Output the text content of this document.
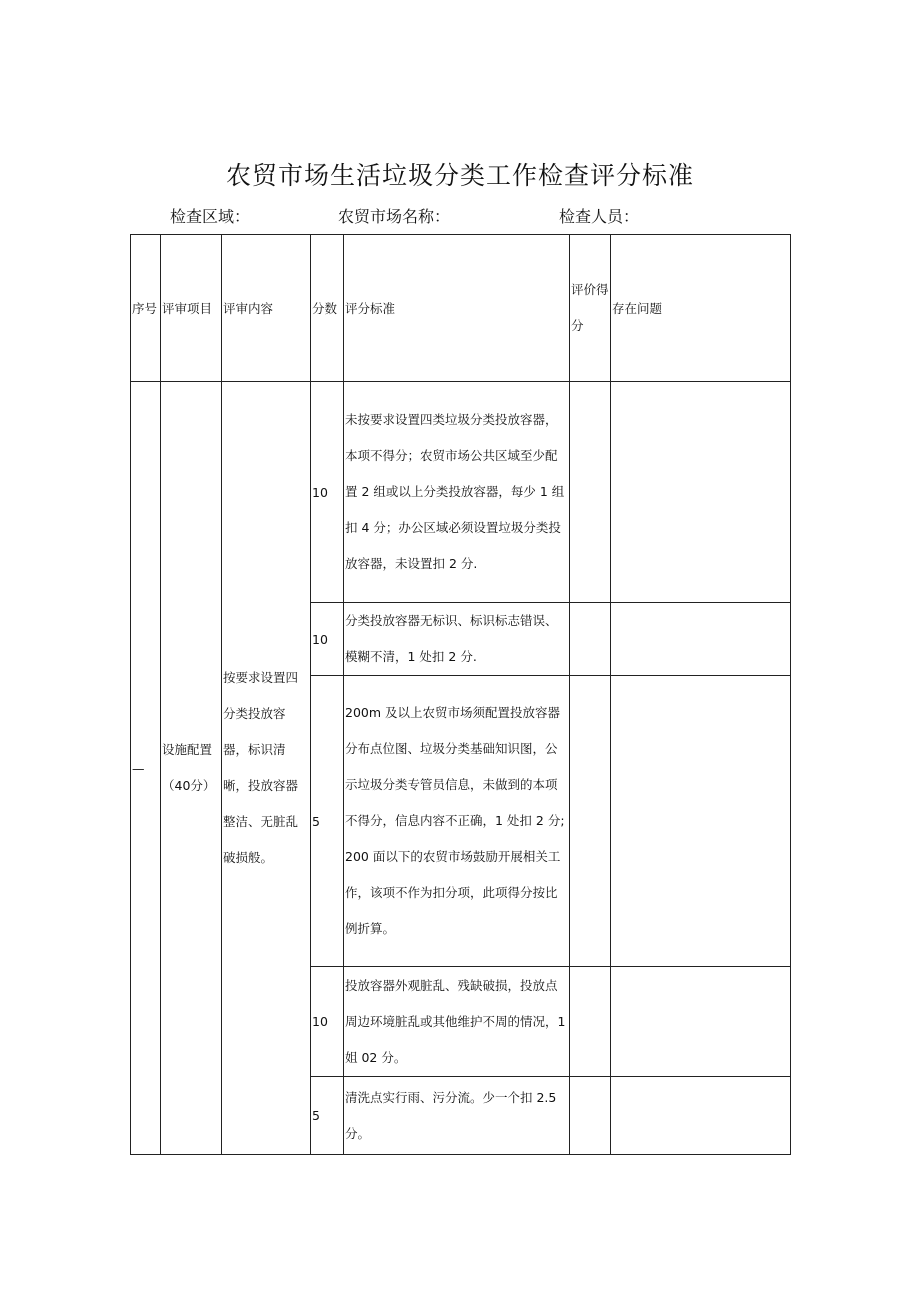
农贸市场生活垃圾分类工作检查评分标准
检查区域：	农贸市场名称：	检查人员：
序号	评审项目	评审内容	分数	评分标准	评价得分	存在问题
—	设施配置　（40分）	按要求设置四分类投放容器，标识清晰，投放容器整洁、无脏乱破损般。	10	未按要求设置四类垃圾分类投放容器，本项不得分；农贸市场公共区域至少配置 2 组或以上分类投放容器，每少 1 组扣 4 分；办公区域必须设置垃圾分类投放容器，未设置扣 2 分.		

			10	分类投放容器无标识、标识标志错误、模糊不清，1 处扣 2 分.		

			5	200m 及以上农贸市场须配置投放容器分布点位图、垃圾分类基础知识图，公示垃圾分类专管员信息，未做到的本项不得分，信息内容不正确，1 处扣 2 分;200 面以下的农贸市场鼓励开展相关工作，该项不作为扣分项，此项得分按比例折算。		

			10	投放容器外观脏乱、残缺破损，投放点周边环境脏乱或其他维护不周的情况，1 姐 02 分。		

			5	清洗点实行雨、污分流。少一个扣 2.5 分。		
